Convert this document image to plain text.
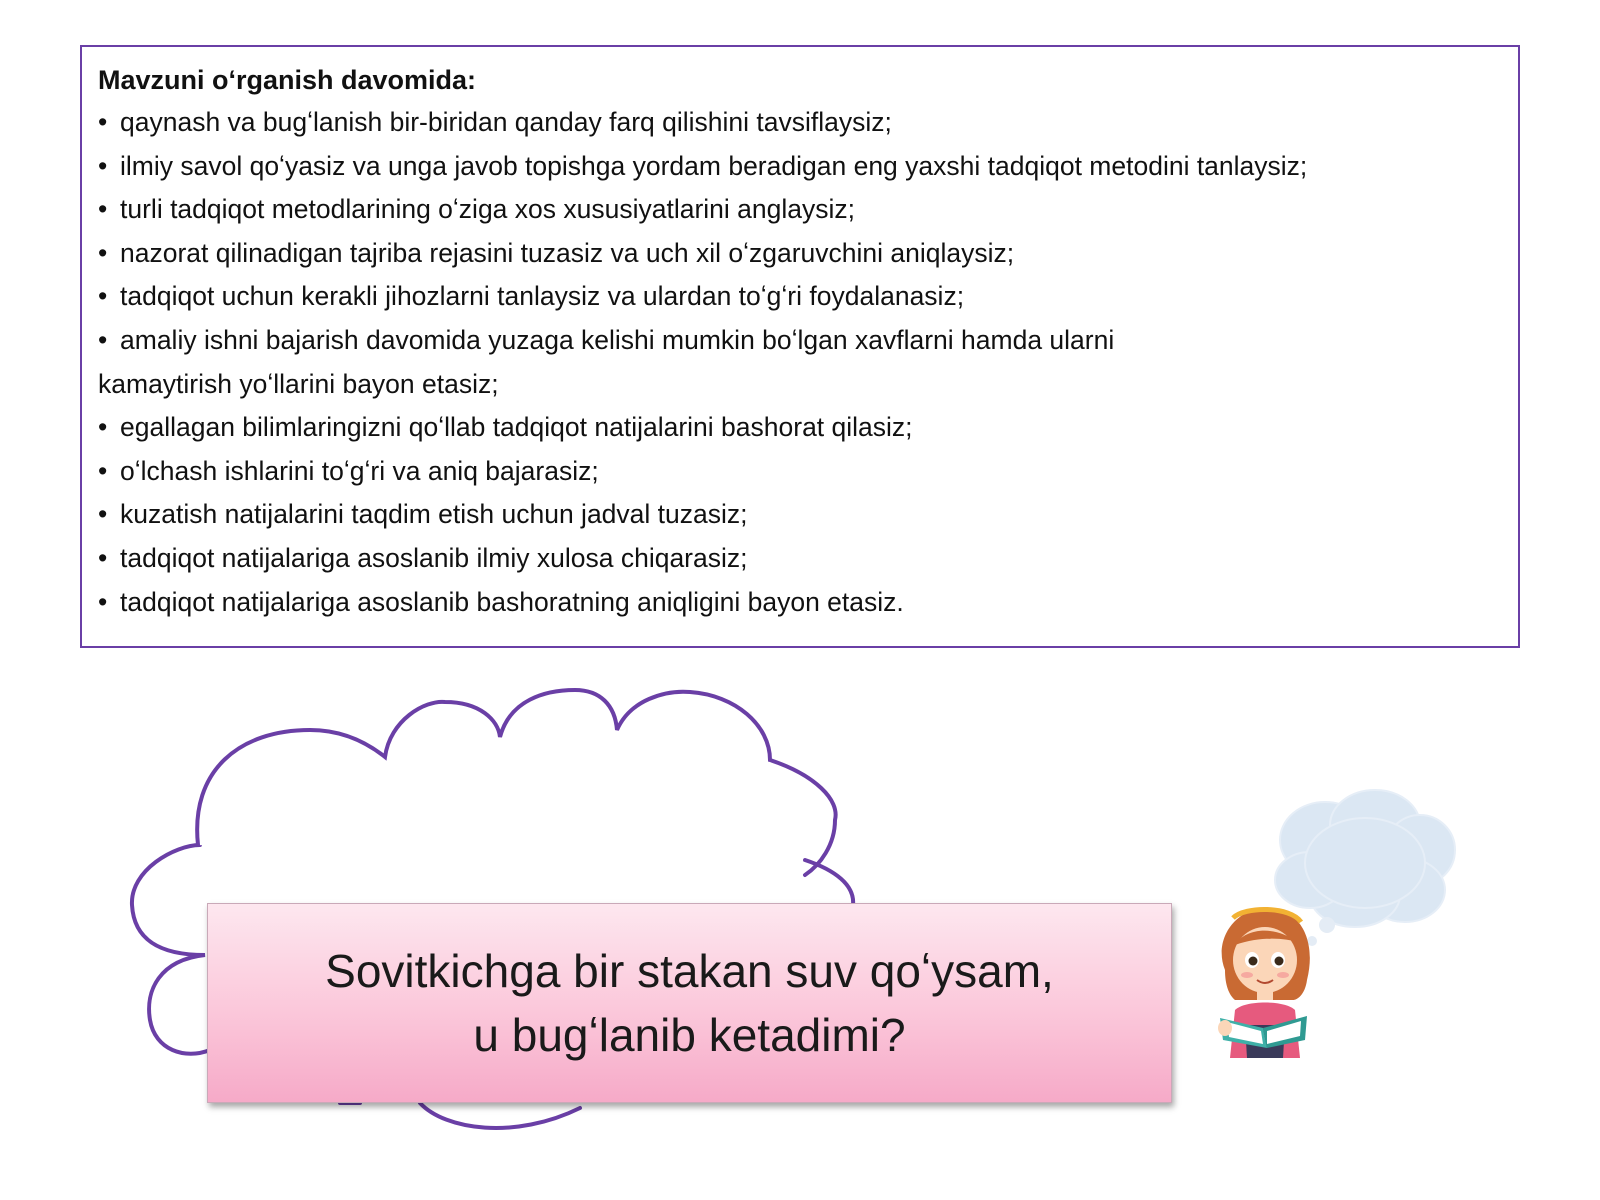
Mavzuni oʻrganish davomida:

• qaynash va bugʻlanish bir-biridan qanday farq qilishini tavsiflaysiz;
• ilmiy savol qoʻyasiz va unga javob topishga yordam beradigan eng yaxshi tadqiqot metodini tanlaysiz;
• turli tadqiqot metodlarining oʻziga xos xususiyatlarini anglaysiz;
• nazorat qilinadigan tajriba rejasini tuzasiz va uch xil oʻzgaruvchini aniqlaysiz;
• tadqiqot uchun kerakli jihozlarni tanlaysiz va ulardan toʻgʻri foydalanasiz;
• amaliy ishni bajarish davomida yuzaga kelishi mumkin boʻlgan xavflarni hamda ularni
kamaytirish yoʻllarini bayon etasiz;
• egallagan bilimlaringizni qoʻllab tadqiqot natijalarini bashorat qilasiz;
• oʻlchash ishlarini toʻgʻri va aniq bajarasiz;
• kuzatish natijalarini taqdim etish uchun jadval tuzasiz;
• tadqiqot natijalariga asoslanib ilmiy xulosa chiqarasiz;
• tadqiqot natijalariga asoslanib bashoratning aniqligini bayon etasiz.
Sovitkichga bir stakan suv qoʻysam,
u bugʻlanib ketadimi?
